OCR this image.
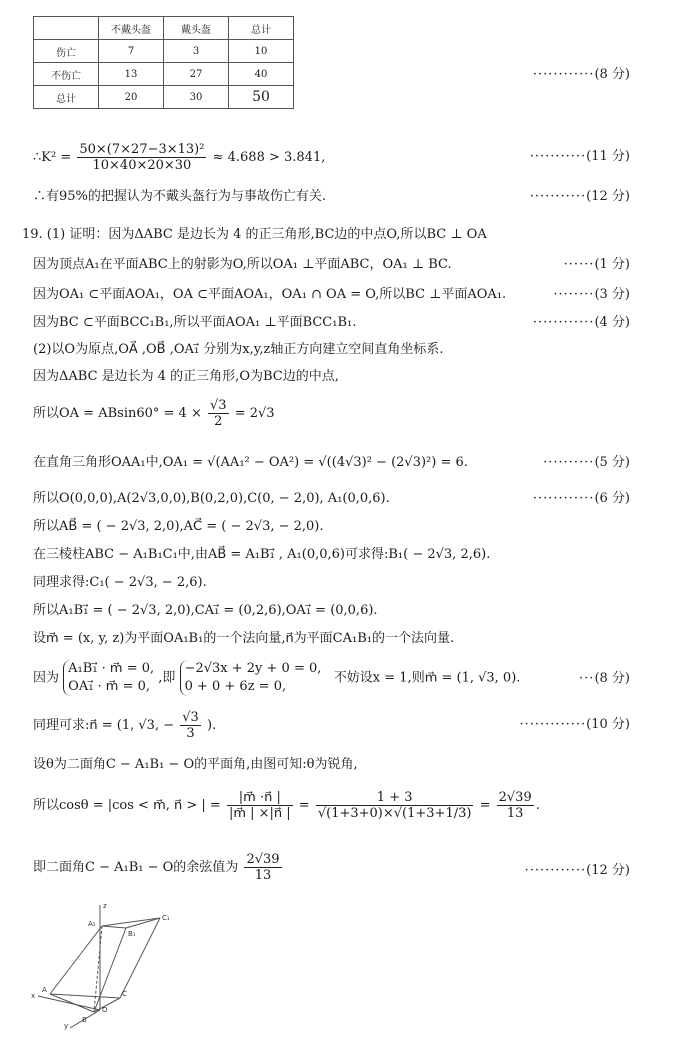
	不戴头盔	戴头盔	总计
伤亡	7	3	10
不伤亡	13	27	40
总计	20	30	50
············(8 分)
∴K² = $\frac{\text{50×(7×27−3×13)²}}{10\times 40\times 20\times 30} \approx 4.688 > 3.841$,	···········(11 分)
∴有95%的把握认为不戴头盔行为与事故伤亡有关.	···········(12 分)
19. (1) 证明：因为ΔABC 是边长为 4 的正三角形,BC边的中点O,所以BC ⊥ OA
因为顶点A₁在平面ABC上的射影为O,所以OA₁ ⊥平面ABC，OA₁ ⊥ BC.	······(1 分)
因为OA₁ ⊂平面AOA₁，OA ⊂平面AOA₁，OA₁ ∩ OA = O,所以BC ⊥平面AOA₁.	········(3 分)
因为BC ⊂平面BCC₁B₁,所以平面AOA₁ ⊥平面BCC₁B₁.	············(4 分)
(2)以O为原点,OA⃗ ,OB⃗ ,OA₁⃗ 分别为x,y,z轴正方向建立空间直角坐标系.
因为ΔABC 是边长为 4 的正三角形,O为BC边的中点,
所以OA = $ABsin60^\circ = 4 \times \frac{√3}{2} = 2√3$
在直角三角形OAA₁中,OA₁ = √(AA₁² − OA²) = √((4√3)² − (2√3)²) = 6.	··········(5 分)
所以O(0,0,0),A(2√3,0,0),B(0,2,0),C(0, − 2,0), A₁(0,0,6).	············(6 分)
所以AB⃗ = ( − 2√3, 2,0),AC⃗ = ( − 2√3, − 2,0).
在三棱柱ABC − A₁B₁C₁中,由AB⃗ = A₁B₁⃗ , A₁(0,0,6)可求得:B₁( − 2√3, 2,6).
同理求得:C₁( − 2√3, − 2,6).
所以A₁B₁⃗ = ( − 2√3, 2,0),CA₁⃗ = (0,2,6),OA₁⃗ = (0,0,6).
设m⃗ = (x, y, z)为平面OA₁B₁的一个法向量,n⃗为平面CA₁B₁的一个法向量.
因为 A₁B₁⃗ · m⃗ = 0,
OA₁⃗ · m⃗ = 0, ,即 −2√3x + 2y + 0 = 0,
0 + 0 + 6z = 0,   不妨设x = 1,则m⃗ = (1, √3, 0).	···(8 分)
同理可求:n⃗ = (1, √3, − $\frac{√3}{3}$ ).	·············(10 分)
设θ为二面角C − A₁B₁ − O的平面角,由图可知:θ为锐角,
所以cosθ = |cos < m⃗, n⃗ > | = $\frac{|m⃗ \cdot n⃗ |}{|m⃗ | \times|n⃗ |} = \frac{1 + 3}{√(1+3+0)\times√(1+3+1/3)} = \frac{2√39}{13}$ .
即二面角C − A₁B₁ − O的余弦值为 $\frac{2√39}{13}$	············(12 分)
z
A₁
x
A
O
B
y
C
B₁
C₁
